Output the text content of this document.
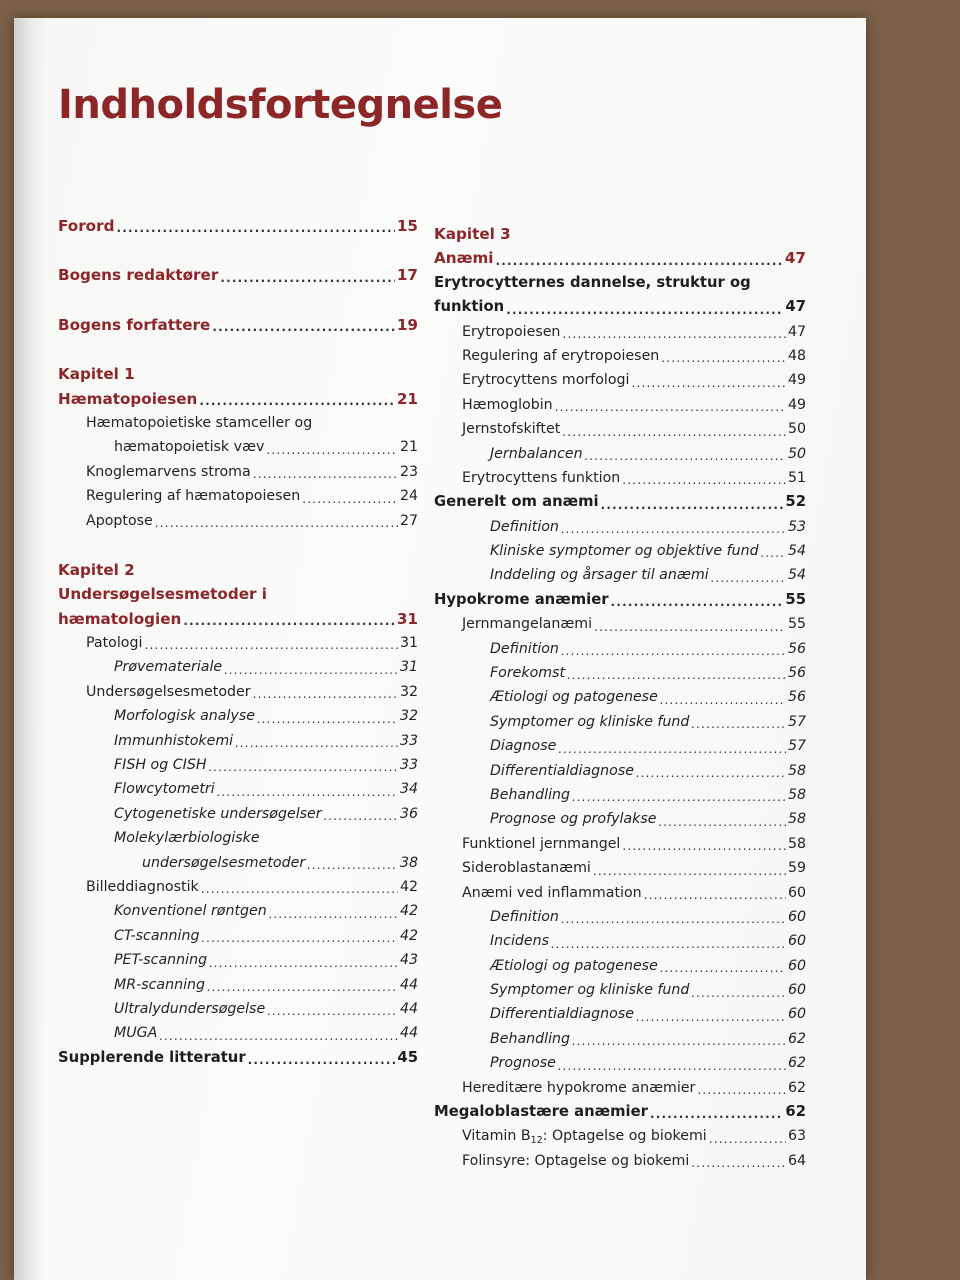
Indholdsfortegnelse
Forord .....	15
Bogens redaktører .....	17
Bogens forfattere .....	19
Kapitel 1
Hæmatopoiesen .....	21
Hæmatopoietiske stamceller og
hæmatopoietisk væv .....	21
Knoglemarvens stroma .....	23
Regulering af hæmatopoiesen .....	24
Apoptose .....	27
Kapitel 2
Undersøgelsesmetoder i
hæmatologien .....	31
Patologi .....	31
Prøvemateriale .....	31
Undersøgelsesmetoder .....	32
Morfologisk analyse .....	32
Immunhistokemi .....	33
FISH og CISH .....	33
Flowcytometri .....	34
Cytogenetiske undersøgelser .....	36
Molekylærbiologiske
undersøgelsesmetoder .....	38
Billeddiagnostik .....	42
Konventionel røntgen .....	42
CT-scanning .....	42
PET-scanning .....	43
MR-scanning .....	44
Ultralydundersøgelse .....	44
MUGA .....	44
Supplerende litteratur .....	45
Kapitel 3
Anæmi .....	47
Erytrocytternes dannelse, struktur og
funktion .....	47
Erytropoiesen .....	47
Regulering af erytropoiesen .....	48
Erytrocyttens morfologi .....	49
Hæmoglobin .....	49
Jernstofskiftet .....	50
Jernbalancen .....	50
Erytrocyttens funktion .....	51
Generelt om anæmi .....	52
Definition .....	53
Kliniske symptomer og objektive fund ..... 54
Inddeling og årsager til anæmi .....	54
Hypokrome anæmier .....	55
Jernmangelanæmi .....	55
Definition .....	56
Forekomst .....	56
Ætiologi og patogenese .....	56
Symptomer og kliniske fund .....	57
Diagnose .....	57
Differentialdiagnose .....	58
Behandling .....	58
Prognose og profylakse .....	58
Funktionel jernmangel .....	58
Sideroblastanæmi .....	59
Anæmi ved inflammation .....	60
Definition .....	60
Incidens .....	60
Ætiologi og patogenese .....	60
Symptomer og kliniske fund .....	60
Differentialdiagnose .....	60
Behandling .....	62
Prognose .....	62
Hereditære hypokrome anæmier .....	62
Megaloblastære anæmier .....	62
Vitamin $B_{12}$: Optagelse og biokemi .....	63
Folinsyre: Optagelse og biokemi .....	64
